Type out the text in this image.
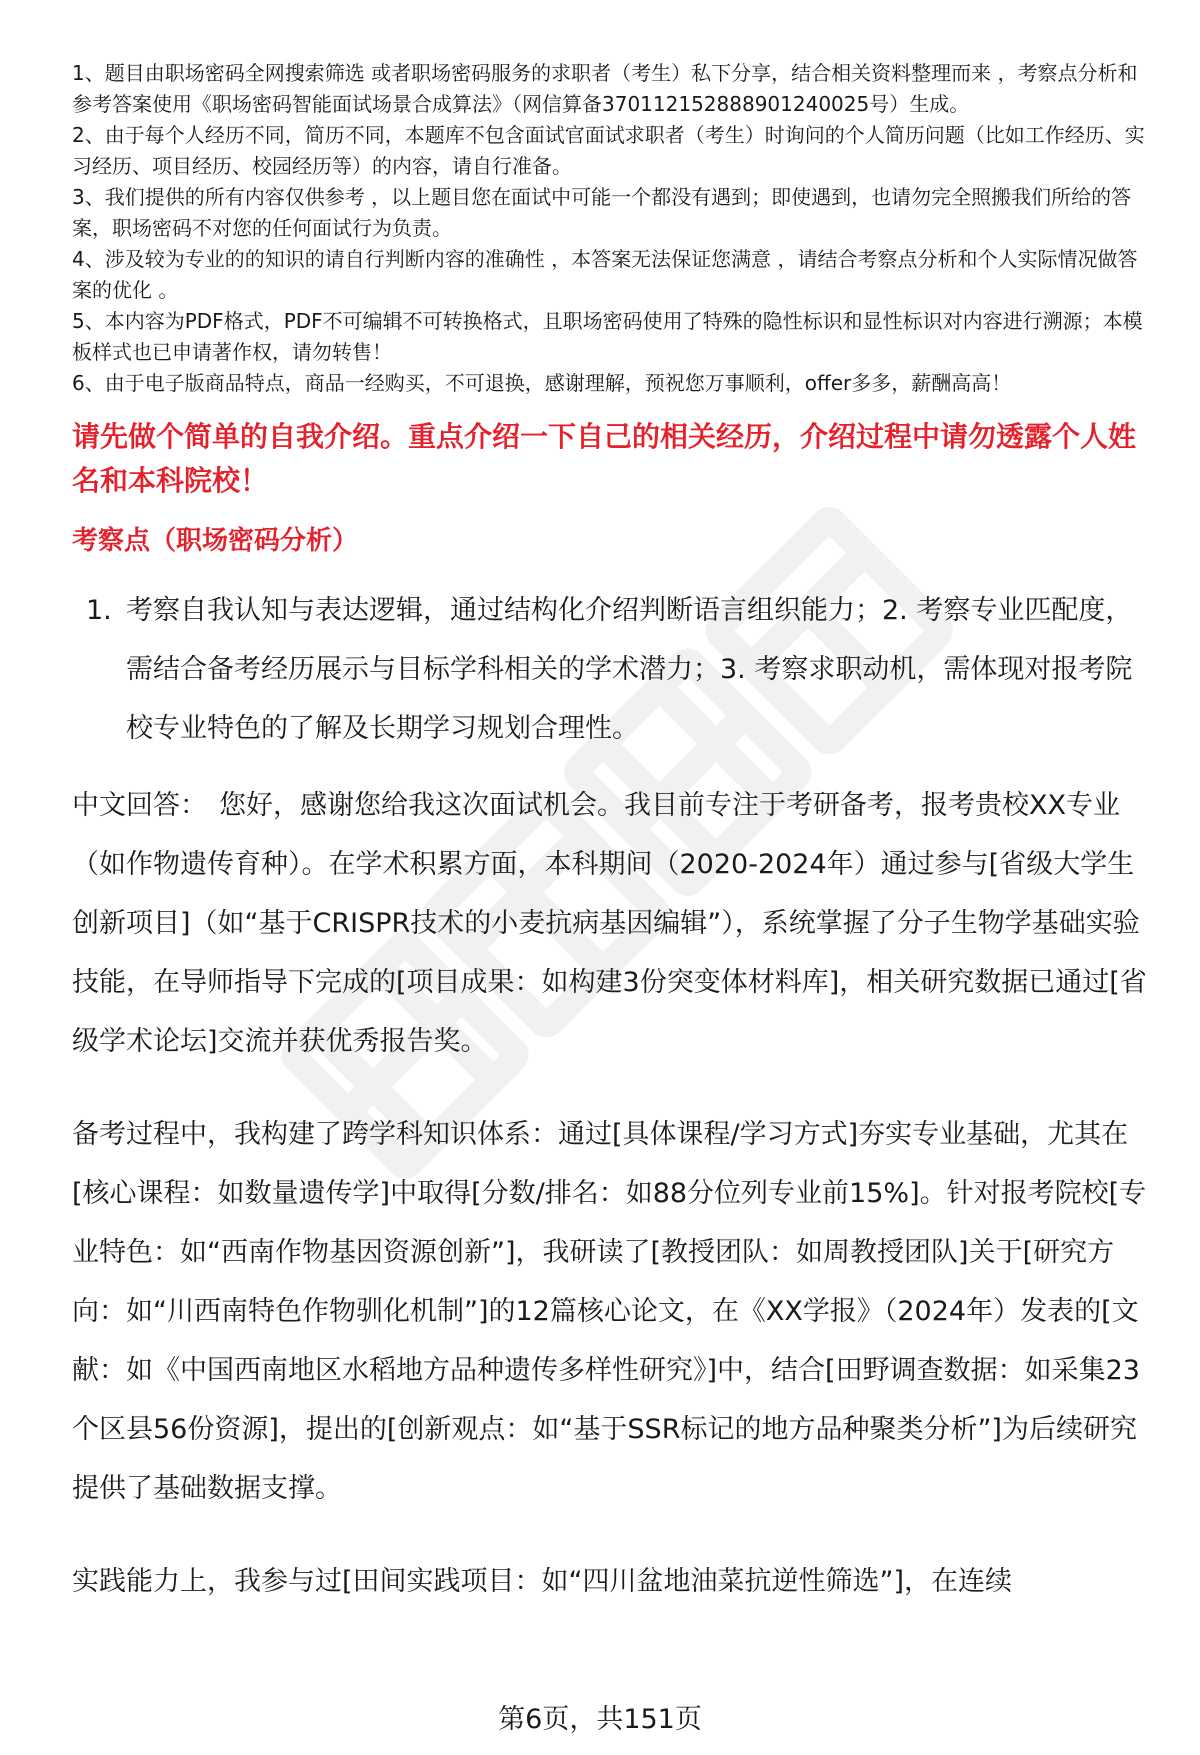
1、题目由职场密码全网搜索筛选 或者职场密码服务的求职者（考生）私下分享，结合相关资料整理而来 ，考察点分析和参考答案使用《职场密码智能面试场景合成算法》（网信算备370112152888901240025号）生成。

2、由于每个人经历不同，简历不同，本题库不包含面试官面试求职者（考生）时询问的个人简历问题（比如工作经历、实习经历、项目经历、校园经历等）的内容，请自行准备。

3、我们提供的所有内容仅供参考 ，以上题目您在面试中可能一个都没有遇到；即使遇到，也请勿完全照搬我们所给的答案，职场密码不对您的任何面试行为负责。

4、涉及较为专业的的知识的请自行判断内容的准确性 ，本答案无法保证您满意 ，请结合考察点分析和个人实际情况做答案的优化 。

5、本内容为PDF格式，PDF不可编辑不可转换格式，且职场密码使用了特殊的隐性标识和显性标识对内容进行溯源；本模板样式也已申请著作权，请勿转售！

6、由于电子版商品特点，商品一经购买，不可退换，感谢理解，预祝您万事顺利，offer多多，薪酬高高！

请先做个简单的自我介绍。重点介绍一下自己的相关经历，介绍过程中请勿透露个人姓名和本科院校！
考察点（职场密码分析）
1. 考察自我认知与表达逻辑，通过结构化介绍判断语言组织能力；2. 考察专业匹配度，需结合备考经历展示与目标学科相关的学术潜力；3. 考察求职动机，需体现对报考院校专业特色的了解及长期学习规划合理性。

中文回答： 您好，感谢您给我这次面试机会。我目前专注于考研备考，报考贵校XX专业（如作物遗传育种）。在学术积累方面，本科期间（2020-2024年）通过参与[省级大学生创新项目]（如“基于CRISPR技术的小麦抗病基因编辑”），系统掌握了分子生物学基础实验技能，在导师指导下完成的[项目成果：如构建3份突变体材料库]，相关研究数据已通过[省级学术论坛]交流并获优秀报告奖。

备考过程中，我构建了跨学科知识体系：通过[具体课程/学习方式]夯实专业基础，尤其在[核心课程：如数量遗传学]中取得[分数/排名：如88分位列专业前15%]。针对报考院校[专业特色：如“西南作物基因资源创新”]，我研读了[教授团队：如周教授团队]关于[研究方向：如“川西南特色作物驯化机制”]的12篇核心论文，在《XX学报》（2024年）发表的[文献：如《中国西南地区水稻地方品种遗传多样性研究》]中，结合[田野调查数据：如采集23个区县56份资源]，提出的[创新观点：如“基于SSR标记的地方品种聚类分析”]为后续研究提供了基础数据支撑。

实践能力上，我参与过[田间实践项目：如“四川盆地油菜抗逆性筛选”]，在连续

第6页，共151页
